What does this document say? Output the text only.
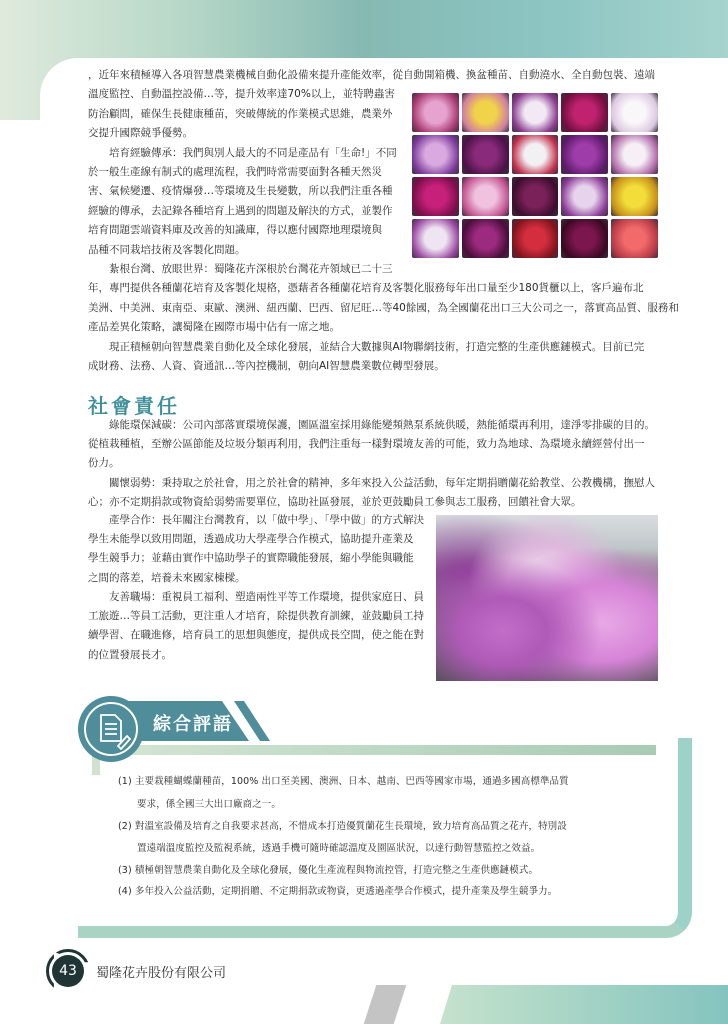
，近年來積極導入各項智慧農業機械自動化設備來提升產能效率，從自動開箱機、換盆種苗、自動澆水、全自動包裝、遠端
溫度監控、自動溫控設備…等，提升效率達70%以上，並特聘蟲害
防治顧問，確保生長健康種苗，突破傳統的作業模式思維，農業外
交提升國際競爭優勢。
培育經驗傳承：我們與別人最大的不同是產品有「生命!」不同
於一般生產線有制式的處理流程，我們時常需要面對各種天然災
害、氣候變遷、疫情爆發…等環境及生長變數，所以我們注重各種
經驗的傳承，去記錄各種培育上遇到的問題及解決的方式，並製作
培育問題雲端資料庫及改善的知識庫，得以應付國際地理環境與
品種不同栽培技術及客製化問題。
紮根台灣、放眼世界：蜀隆花卉深根於台灣花卉領域已二十三
年，專門提供各種蘭花培育及客製化規格，憑藉者各種蘭花培育及客製化服務每年出口量至少180貨櫃以上，客戶遍布北
美洲、中美洲、東南亞、東歐、澳洲、紐西蘭、巴西、留尼旺…等40餘國，為全國蘭花出口三大公司之一，落實高品質、服務和
產品差異化策略，讓蜀隆在國際市場中佔有一席之地。
現正積極朝向智慧農業自動化及全球化發展，並結合大數據與AI物聯網技術，打造完整的生產供應鏈模式。目前已完
成財務、法務、人資、資通訊…等內控機制，朝向AI智慧農業數位轉型發展。
社會責任
綠能環保減碳：公司內部落實環境保護，園區溫室採用綠能變頻熱泵系統供暖，熱能循環再利用，達淨零排碳的目的。
從植栽種植，至辦公區節能及垃圾分類再利用，我們注重每一樣對環境友善的可能，致力為地球、為環境永續經營付出一
份力。
關懷弱勢：秉持取之於社會，用之於社會的精神，多年來投入公益活動，每年定期捐贈蘭花給教堂、公教機構，撫慰人
心；亦不定期捐款或物資給弱勢需要單位，協助社區發展，並於更鼓勵員工參與志工服務，回饋社會大眾。
產學合作：長年關注台灣教育，以「做中學」、「學中做」的方式解決
學生未能學以致用問題，透過成功大學產學合作模式，協助提升產業及
學生競爭力；並藉由實作中協助學子的實際職能發展，縮小學能與職能
之間的落差，培養未來國家棟樑。
友善職場：重視員工福利、塑造兩性平等工作環境，提供家庭日、員
工旅遊…等員工活動，更注重人才培育，除提供教育訓練，並鼓勵員工持
續學習、在職進修，培育員工的思想與態度，提供成長空間，使之能在對
的位置發展長才。
綜合評語
(1) 主要栽種蝴蝶蘭種苗，100% 出口至美國、澳洲、日本、越南、巴西等國家市場，通過多國高標準品質
要求，係全國三大出口廠商之一。
(2) 對溫室設備及培育之自我要求甚高，不惜成本打造優質蘭花生長環境，致力培育高品質之花卉，特別設
置遠端溫度監控及監視系統，透過手機可隨時確認溫度及園區狀況，以達行動智慧監控之效益。
(3) 積極朝智慧農業自動化及全球化發展，優化生產流程與物流控管，打造完整之生產供應鏈模式。
(4) 多年投入公益活動，定期捐贈、不定期捐款或物資，更透過產學合作模式，提升產業及學生競爭力。
43	蜀隆花卉股份有限公司
